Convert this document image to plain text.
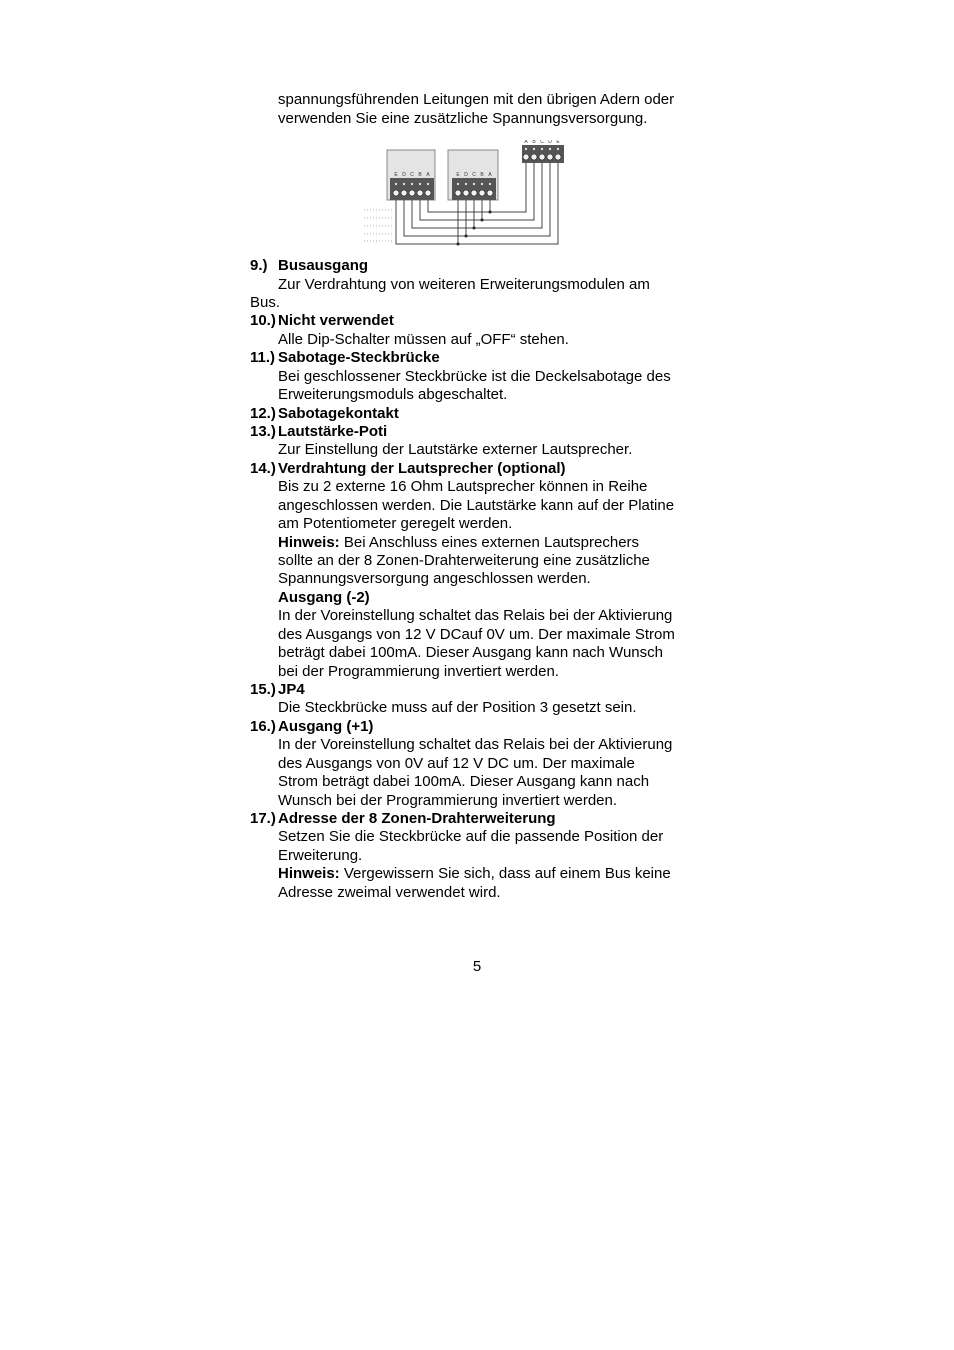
spannungsführenden Leitungen mit den übrigen Adern oder
verwenden Sie eine zusätzliche Spannungsversorgung.
E D C B A	E D C B A
A B C D E
9.) Busausgang
Zur Verdrahtung von weiteren Erweiterungsmodulen am
Bus.
10.) Nicht verwendet
Alle Dip-Schalter müssen auf „OFF“ stehen.
11.) Sabotage-Steckbrücke
Bei geschlossener Steckbrücke ist die Deckelsabotage des
Erweiterungsmoduls abgeschaltet.
12.) Sabotagekontakt
13.) Lautstärke-Poti
Zur Einstellung der Lautstärke externer Lautsprecher.
14.) Verdrahtung der Lautsprecher (optional)
Bis zu 2 externe 16 Ohm Lautsprecher können in Reihe
angeschlossen werden. Die Lautstärke kann auf der Platine
am Potentiometer geregelt werden.
Hinweis: Bei Anschluss eines externen Lautsprechers
sollte an der 8 Zonen-Drahterweiterung eine zusätzliche
Spannungsversorgung angeschlossen werden.
Ausgang (-2)
In der Voreinstellung schaltet das Relais bei der Aktivierung
des Ausgangs von 12 V DCauf 0V um. Der maximale Strom
beträgt dabei 100mA. Dieser Ausgang kann nach Wunsch
bei der Programmierung invertiert werden.
15.) JP4
Die Steckbrücke muss auf der Position 3 gesetzt sein.
16.) Ausgang (+1)
In der Voreinstellung schaltet das Relais bei der Aktivierung
des Ausgangs von 0V auf 12 V DC um. Der maximale
Strom beträgt dabei 100mA. Dieser Ausgang kann nach
Wunsch bei der Programmierung invertiert werden.
17.) Adresse der 8 Zonen-Drahterweiterung
Setzen Sie die Steckbrücke auf die passende Position der
Erweiterung.
Hinweis: Vergewissern Sie sich, dass auf einem Bus keine
Adresse zweimal verwendet wird.
5
